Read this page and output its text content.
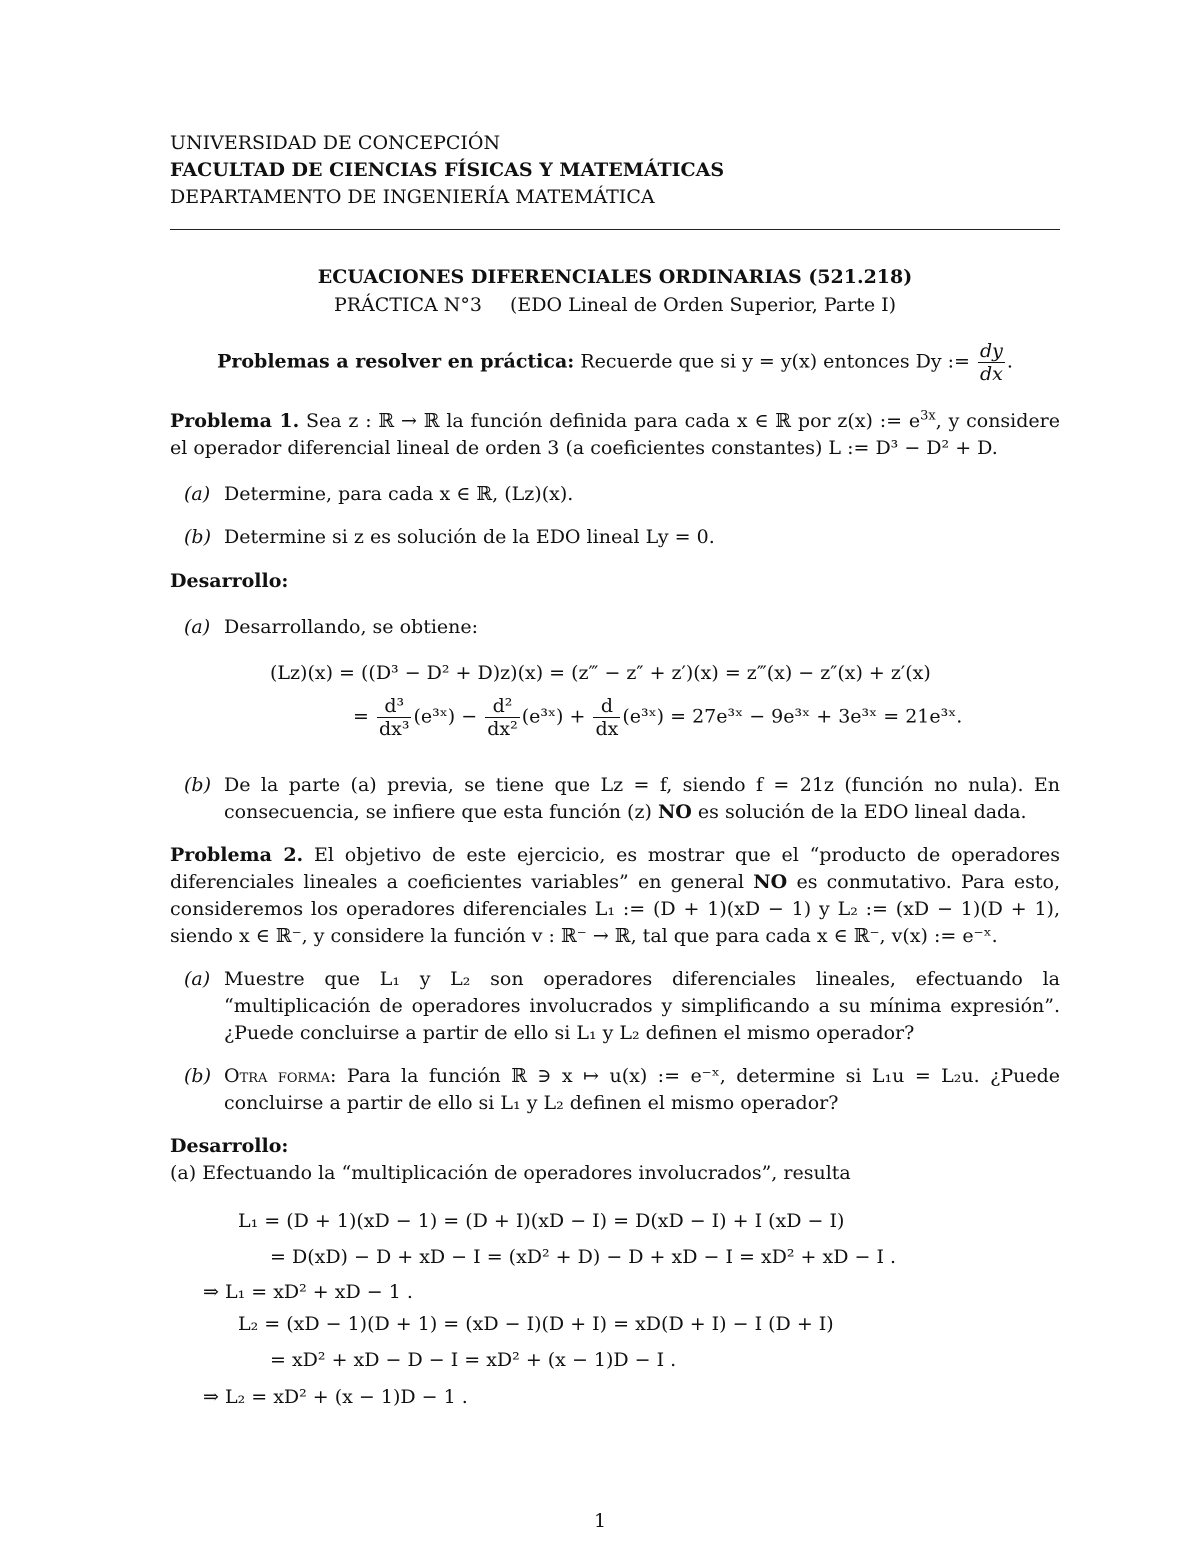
UNIVERSIDAD DE CONCEPCIÓN
FACULTAD DE CIENCIAS FÍSICAS Y MATEMÁTICAS
DEPARTAMENTO DE INGENIERÍA MATEMÁTICA
ECUACIONES DIFERENCIALES ORDINARIAS (521.218)
PRÁCTICA N°3 (EDO Lineal de Orden Superior, Parte I)
Problemas a resolver en práctica: Recuerde que si y = y(x) entonces Dy := $\frac{dy}{dx}$ .
Problema 1. Sea z : ℝ → ℝ la función definida para cada x ∈ ℝ por z(x) := $e^{3x}$, y considere el operador diferencial lineal de orden 3 (a coeficientes constantes) L := D³ − D² + D.
(a) Determine, para cada x ∈ ℝ, (Lz)(x).
(b) Determine si z es solución de la EDO lineal Ly = 0.
Desarrollo:
(a) Desarrollando, se obtiene:
(Lz)(x) = ((D³ − D² + D)z)(x) = (z‴ − z″ + z′)(x) = z‴(x) − z″(x) + z′(x)
= $\frac{\text{d³}}{\text{dx³}}$ (e³ˣ) − $\frac{\text{d²}}{\text{dx²}}$ (e³ˣ) + $\frac{d}{dx}$ (e³ˣ) = 27e³ˣ − 9e³ˣ + 3e³ˣ = 21e³ˣ.
(b) De la parte (a) previa, se tiene que Lz = f, siendo f = 21z (función no nula). En consecuencia, se infiere que esta función (z) NO es solución de la EDO lineal dada.
Problema 2. El objetivo de este ejercicio, es mostrar que el “producto de operadores diferenciales lineales a coeficientes variables” en general NO es conmutativo. Para esto, consideremos los operadores diferenciales L₁ := (D + 1)(xD − 1) y L₂ := (xD − 1)(D + 1), siendo x ∈ ℝ⁻, y considere la función v : ℝ⁻ → ℝ, tal que para cada x ∈ ℝ⁻, v(x) := e⁻ˣ.
(a) Muestre que L₁ y L₂ son operadores diferenciales lineales, efectuando la “multiplicación de operadores involucrados y simplificando a su mínima expresión”. ¿Puede concluirse a partir de ello si L₁ y L₂ definen el mismo operador?
(b) Otra forma: Para la función ℝ ∋ x ↦ u(x) := e⁻ˣ, determine si L₁u = L₂u. ¿Puede concluirse a partir de ello si L₁ y L₂ definen el mismo operador?
Desarrollo:
(a) Efectuando la “multiplicación de operadores involucrados”, resulta
L₁ = (D + 1)(xD − 1) = (D + I)(xD − I) = D(xD − I) + I (xD − I)
= D(xD) − D + xD − I = (xD² + D) − D + xD − I = xD² + xD − I .
⇒ L₁ = xD² + xD − 1 .
L₂ = (xD − 1)(D + 1) = (xD − I)(D + I) = xD(D + I) − I (D + I)
= xD² + xD − D − I = xD² + (x − 1)D − I .
⇒ L₂ = xD² + (x − 1)D − 1 .
1
